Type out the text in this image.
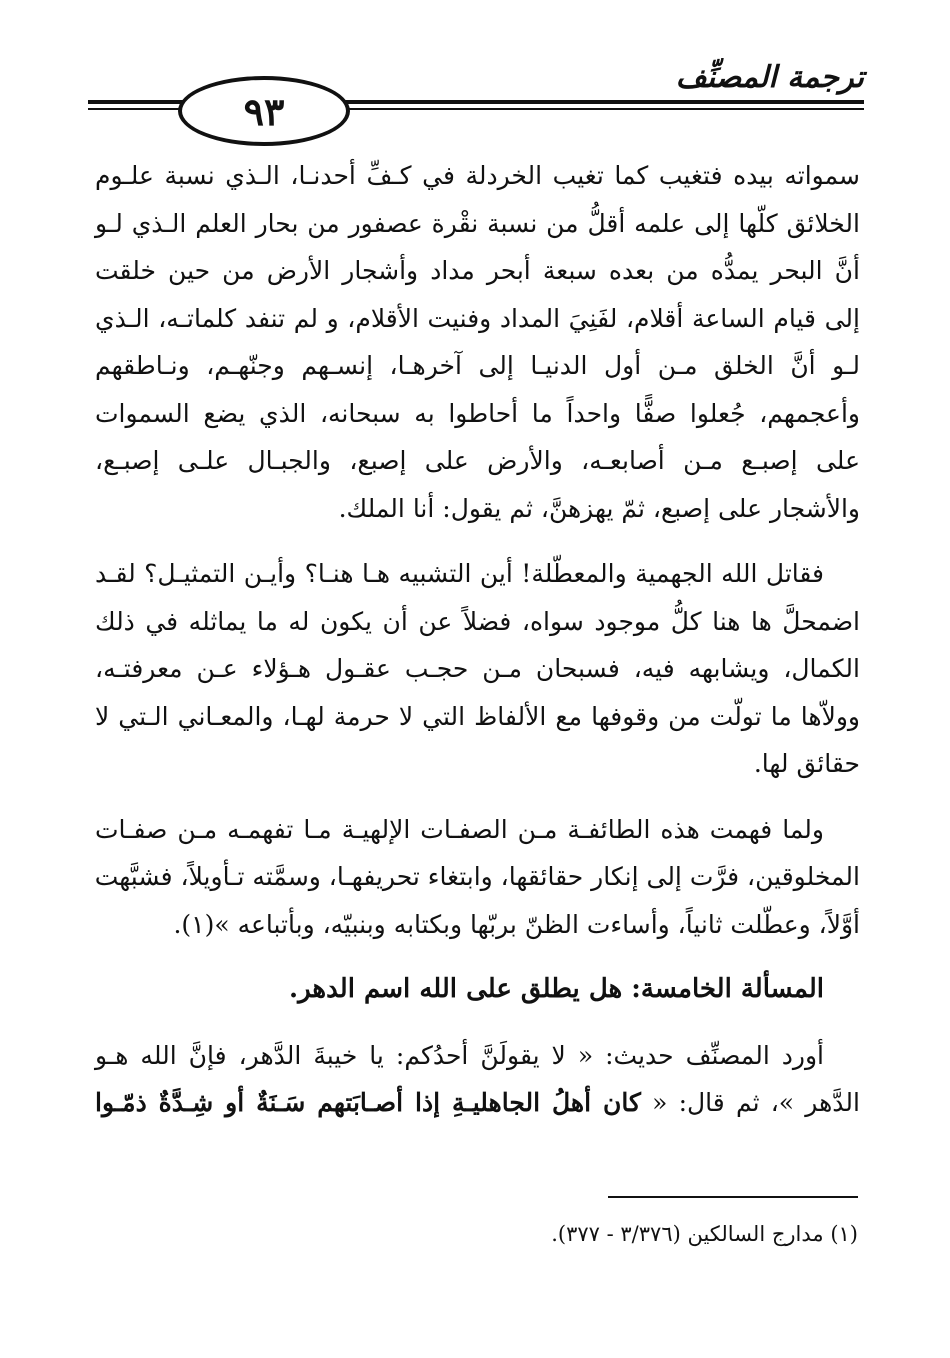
ترجمة المصنِّف
٩٣
سمواته بيده فتغيب كما تغيب الخردلة في كـفِّ أحدنـا، الـذي نسبة علـوم
الخلائق كلّها إلى علمه أقلُّ من نسبة نقْرة عصفور من بحار العلم الـذي لـو
أنَّ البحر يمدُّه من بعده سبعة أبحر مداد وأشجار الأرض من حين خلقت
إلى قيام الساعة أقلام، لفَنِيَ المداد وفنيت الأقلام، و لم تنفد كلماتـه، الـذي
لـو أنَّ الخلق مـن أول الدنيـا إلى آخرهـا، إنسـهم وجنّهـم، ونـاطقهم
وأعجمهم، جُعلوا صفًّا واحداً ما أحاطوا به سبحانه، الذي يضع السموات
على إصبـع مـن أصابعـه، والأرض على إصبع، والجبـال علـى إصبـع،
والأشجار على إصبع، ثمّ يهزهنَّ، ثم يقول: أنا الملك.
فقاتل الله الجهمية والمعطّلة! أين التشبيه هـا هنـا؟ وأيـن التمثيـل؟ لقـد
اضمحلَّ ها هنا كلُّ موجود سواه، فضلاً عن أن يكون له ما يماثله في ذلك
الكمال، ويشابهه فيه، فسبحان مـن حجـب عقـول هـؤلاء عـن معرفتـه،
وولاّها ما تولّت من وقوفها مع الألفاظ التي لا حرمة لهـا، والمعـاني الـتي لا
حقائق لها.
ولما فهمت هذه الطائفـة مـن الصفـات الإلهيـة مـا تفهمـه مـن صفـات
المخلوقين، فرَّت إلى إنكار حقائقها، وابتغاء تحريفهـا، وسمَّته تـأويلاً، فشبَّهت
أوَّلاً، وعطّلت ثانياً، وأساءت الظنّ بربّها وبكتابه وبنبيّه، وبأتباعه »(١).
المسألة الخامسة: هل يطلق على الله اسم الدهر.
أورد المصنِّف حديث: « لا يقولَنَّ أحدُكم: يا خيبةَ الدَّهر، فإنَّ الله هـو
الدَّهر »، ثم قال: « كان أهلُ الجاهليـةِ إذا أصـابَتهم سَـنَةٌ أو شِـدَّةٌ ذمّـوا
(١) مدارج السالكين (٣/٣٧٦ - ٣٧٧).
